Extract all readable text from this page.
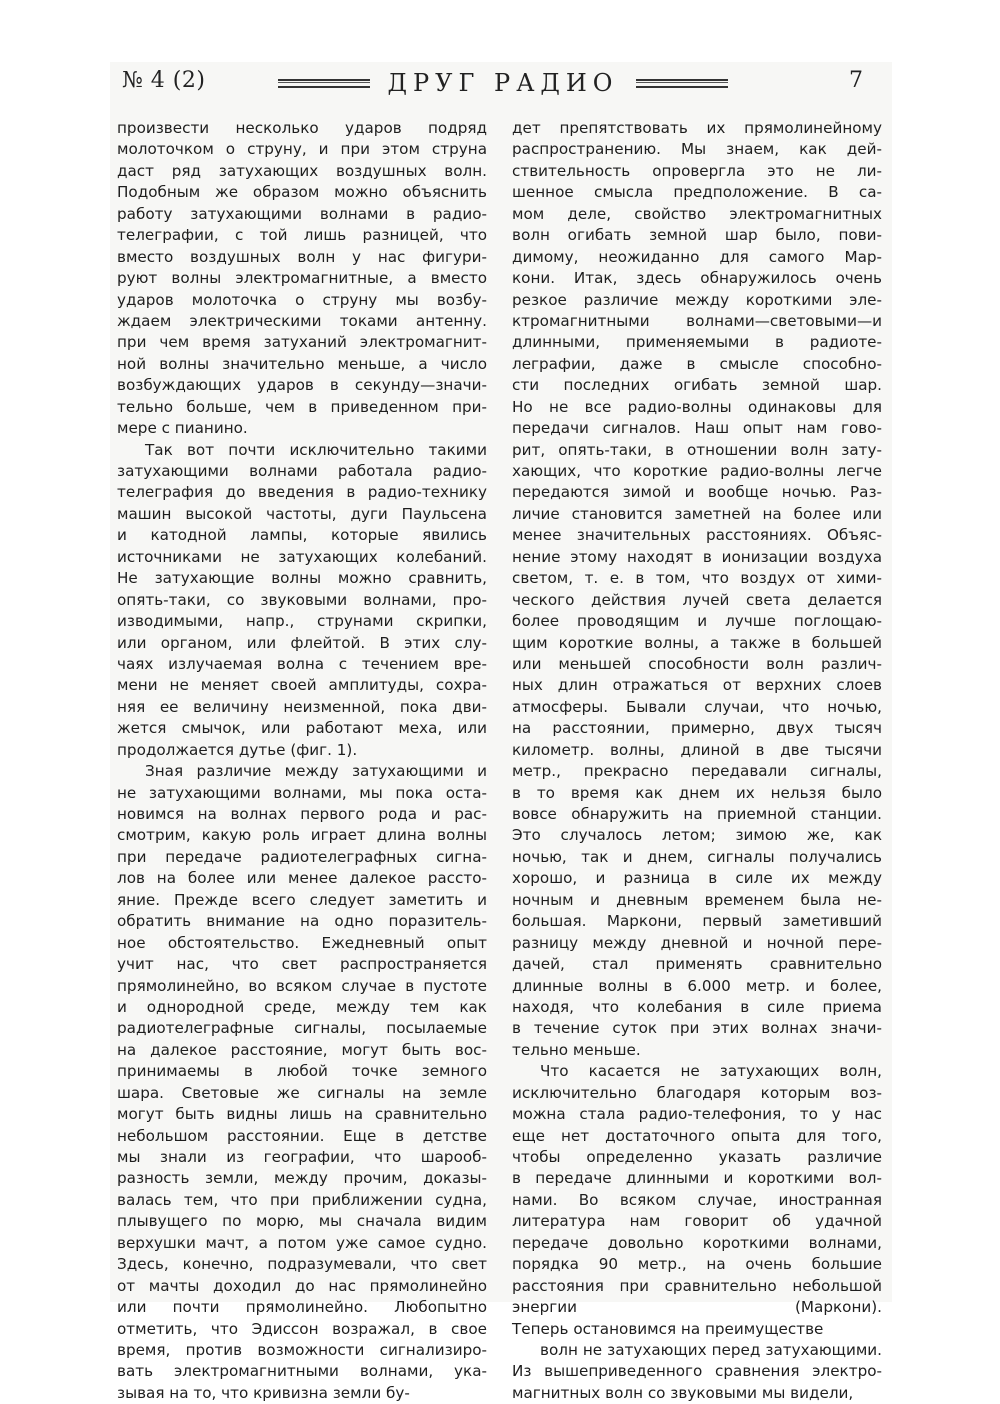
№ 4 (2)	ДРУГ РАДИО	7
произвести несколько ударов подряд
молоточком о струну, и при этом струна
даст ряд затухающих воздушных волн.
Подобным же образом можно объяснить
работу затухающими волнами в радио-
телеграфии, с той лишь разницей, что
вместо воздушных волн у нас фигури-
руют волны электромагнитные, а вместо
ударов молоточка о струну мы возбу-
ждаем электрическими токами антенну.
при чем время затуханий электромагнит-
ной волны значительно меньше, а число
возбуждающих ударов в секунду—значи-
тельно больше, чем в приведенном при-
мере с пианино.
Так вот почти исключительно такими
затухающими волнами работала радио-
телеграфия до введения в радио-технику
машин высокой частоты, дуги Паульсена
и катодной лампы, которые явились
источниками не затухающих колебаний.
Не затухающие волны можно сравнить,
опять-таки, со звуковыми волнами, про-
изводимыми, напр., струнами скрипки,
или органом, или флейтой. В этих слу-
чаях излучаемая волна с течением вре-
мени не меняет своей амплитуды, сохра-
няя ее величину неизменной, пока дви-
жется смычок, или работают меха, или
продолжается дутье (фиг. 1).
Зная различие между затухающими и
не затухающими волнами, мы пока оста-
новимся на волнах первого рода и рас-
смотрим, какую роль играет длина волны
при передаче радиотелеграфных сигна-
лов на более или менее далекое рассто-
яние. Прежде всего следует заметить и
обратить внимание на одно поразитель-
ное обстоятельство. Ежедневный опыт
учит нас, что свет распространяется
прямолинейно, во всяком случае в пустоте
и однородной среде, между тем как
радиотелеграфные сигналы, посылаемые
на далекое расстояние, могут быть вос-
принимаемы в любой точке земного
шара. Световые же сигналы на земле
могут быть видны лишь на сравнительно
небольшом расстоянии. Еще в детстве
мы знали из географии, что шарооб-
разность земли, между прочим, доказы-
валась тем, что при приближении судна,
плывущего по морю, мы сначала видим
верхушки мачт, а потом уже самое судно.
Здесь, конечно, подразумевали, что свет
от мачты доходил до нас прямолинейно
или почти прямолинейно. Любопытно
отметить, что Эдиссон возражал, в свое
время, против возможности сигнализиро-
вать электромагнитными волнами, ука-
зывая на то, что кривизна земли бу-
дет препятствовать их прямолинейному
распространению. Мы знаем, как дей-
ствительность опровергла это не ли-
шенное смысла предположение. В са-
мом деле, свойство электромагнитных
волн огибать земной шар было, пови-
димому, неожиданно для самого Мар-
кони. Итак, здесь обнаружилось очень
резкое различие между короткими эле-
ктромагнитными волнами—световыми—и
длинными, применяемыми в радиоте-
леграфии, даже в смысле способно-
сти последних огибать земной шар.
Но не все радио-волны одинаковы для
передачи сигналов. Наш опыт нам гово-
рит, опять-таки, в отношении волн зату-
хающих, что короткие радио-волны легче
передаются зимой и вообще ночью. Раз-
личие становится заметней на более или
менее значительных расстояниях. Объяс-
нение этому находят в ионизации воздуха
светом, т. е. в том, что воздух от хими-
ческого действия лучей света делается
более проводящим и лучше поглощаю-
щим короткие волны, а также в большей
или меньшей способности волн различ-
ных длин отражаться от верхних слоев
атмосферы. Бывали случаи, что ночью,
на расстоянии, примерно, двух тысяч
километр. волны, длиной в две тысячи
метр., прекрасно передавали сигналы,
в то время как днем их нельзя было
вовсе обнаружить на приемной станции.
Это случалось летом; зимою же, как
ночью, так и днем, сигналы получались
хорошо, и разница в силе их между
ночным и дневным временем была не-
большая. Маркони, первый заметивший
разницу между дневной и ночной пере-
дачей, стал применять сравнительно
длинные волны в 6.000 метр. и более,
находя, что колебания в силе приема
в течение суток при этих волнах значи-
тельно меньше.
Что касается не затухающих волн,
исключительно благодаря которым воз-
можна стала радио-телефония, то у нас
еще нет достаточного опыта для того,
чтобы определенно указать различие
в передаче длинными и короткими вол-
нами. Во всяком случае, иностранная
литература нам говорит об удачной
передаче довольно короткими волнами,
порядка 90 метр., на очень большие
расстояния при сравнительно небольшой
энергии (Маркони).
Теперь остановимся на преимуществе
волн не затухающих перед затухающими.
Из вышеприведенного сравнения электро-
магнитных волн со звуковыми мы видели,
